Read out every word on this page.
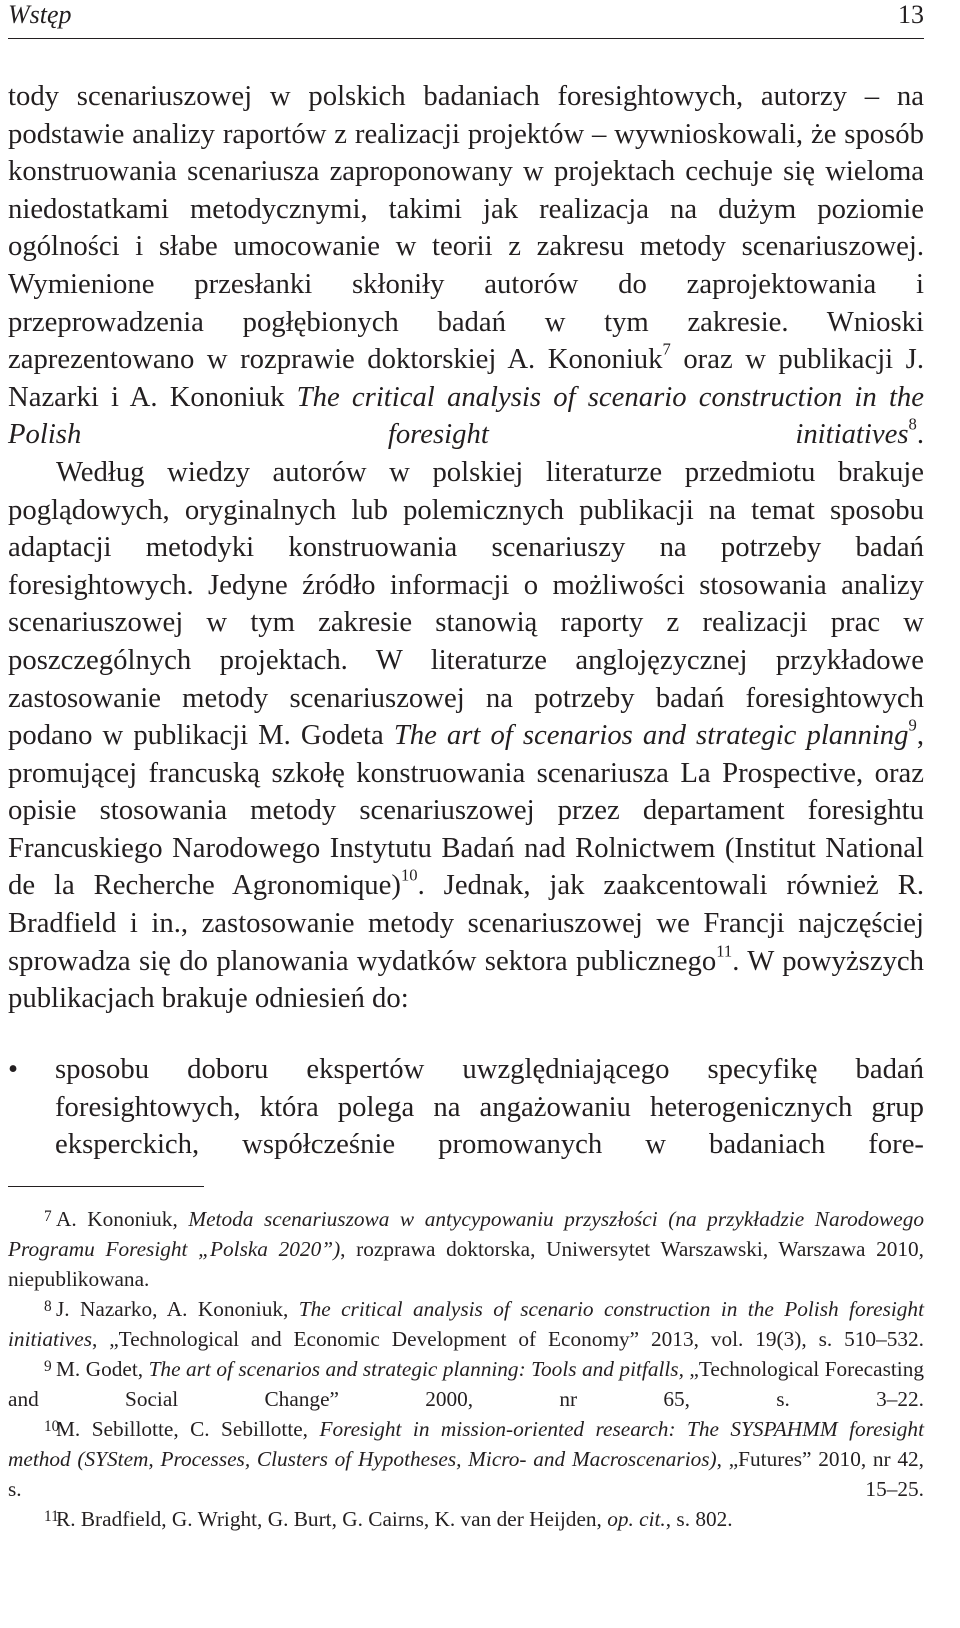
Wstęp	13

tody scenariuszowej w polskich badaniach foresightowych, autorzy – na podstawie analizy raportów z realizacji projektów – wywnioskowali, że sposób konstruowania scenariusza zaproponowany w projektach cechuje się wieloma niedostatkami metodycznymi, takimi jak realizacja na dużym poziomie ogólności i słabe umocowanie w teorii z zakresu metody scenariuszowej. Wymienione przesłanki skłoniły autorów do zaprojektowania i przeprowadzenia pogłębionych badań w tym zakresie. Wnioski zaprezentowano w rozprawie doktorskiej A. Kononiuk$^7$ oraz w publikacji J. Nazarki i A. Kononiuk The critical analysis of scenario construction in the Polish foresight initiatives$^8$.

Według wiedzy autorów w polskiej literaturze przedmiotu brakuje poglądowych, oryginalnych lub polemicznych publikacji na temat sposobu adaptacji metodyki konstruowania scenariuszy na potrzeby badań foresightowych. Jedyne źródło informacji o możliwości stosowania analizy scenariuszowej w tym zakresie stanowią raporty z realizacji prac w poszczególnych projektach. W literaturze anglojęzycznej przykładowe zastosowanie metody scenariuszowej na potrzeby badań foresightowych podano w publikacji M. Godeta The art of scenarios and strategic planning$^9$, promującej francuską szkołę konstruowania scenariusza La Prospective, oraz opisie stosowania metody scenariuszowej przez departament foresightu Francuskiego Narodowego Instytutu Badań nad Rolnictwem (Institut National de la Recherche Agronomique)$^{10}$. Jednak, jak zaakcentowali również R. Bradfield i in., zastosowanie metody scenariuszowej we Francji najczęściej sprowadza się do planowania wydatków sektora publicznego$^{11}$. W powyższych publikacjach brakuje odniesień do:

•	sposobu doboru ekspertów uwzględniającego specyfikę badań foresightowych, która polega na angażowaniu heterogenicznych grup eksperckich, współcześnie promowanych w badaniach fore-

7 A. Kononiuk, Metoda scenariuszowa w antycypowaniu przyszłości (na przykładzie Narodowego Programu Foresight „Polska 2020”), rozprawa doktorska, Uniwersytet Warszawski, Warszawa 2010, niepublikowana.

8 J. Nazarko, A. Kononiuk, The critical analysis of scenario construction in the Polish foresight initiatives, „Technological and Economic Development of Economy” 2013, vol. 19(3), s. 510–532.

9 M. Godet, The art of scenarios and strategic planning: Tools and pitfalls, „Technological Forecasting and Social Change” 2000, nr 65, s. 3–22.

10M. Sebillotte, C. Sebillotte, Foresight in mission-oriented research: The SYSPAHMM foresight method (SYStem, Processes, Clusters of Hypotheses, Micro- and Macroscenarios), „Futures” 2010, nr 42, s. 15–25.

11R. Bradfield, G. Wright, G. Burt, G. Cairns, K. van der Heijden, op. cit., s. 802.
